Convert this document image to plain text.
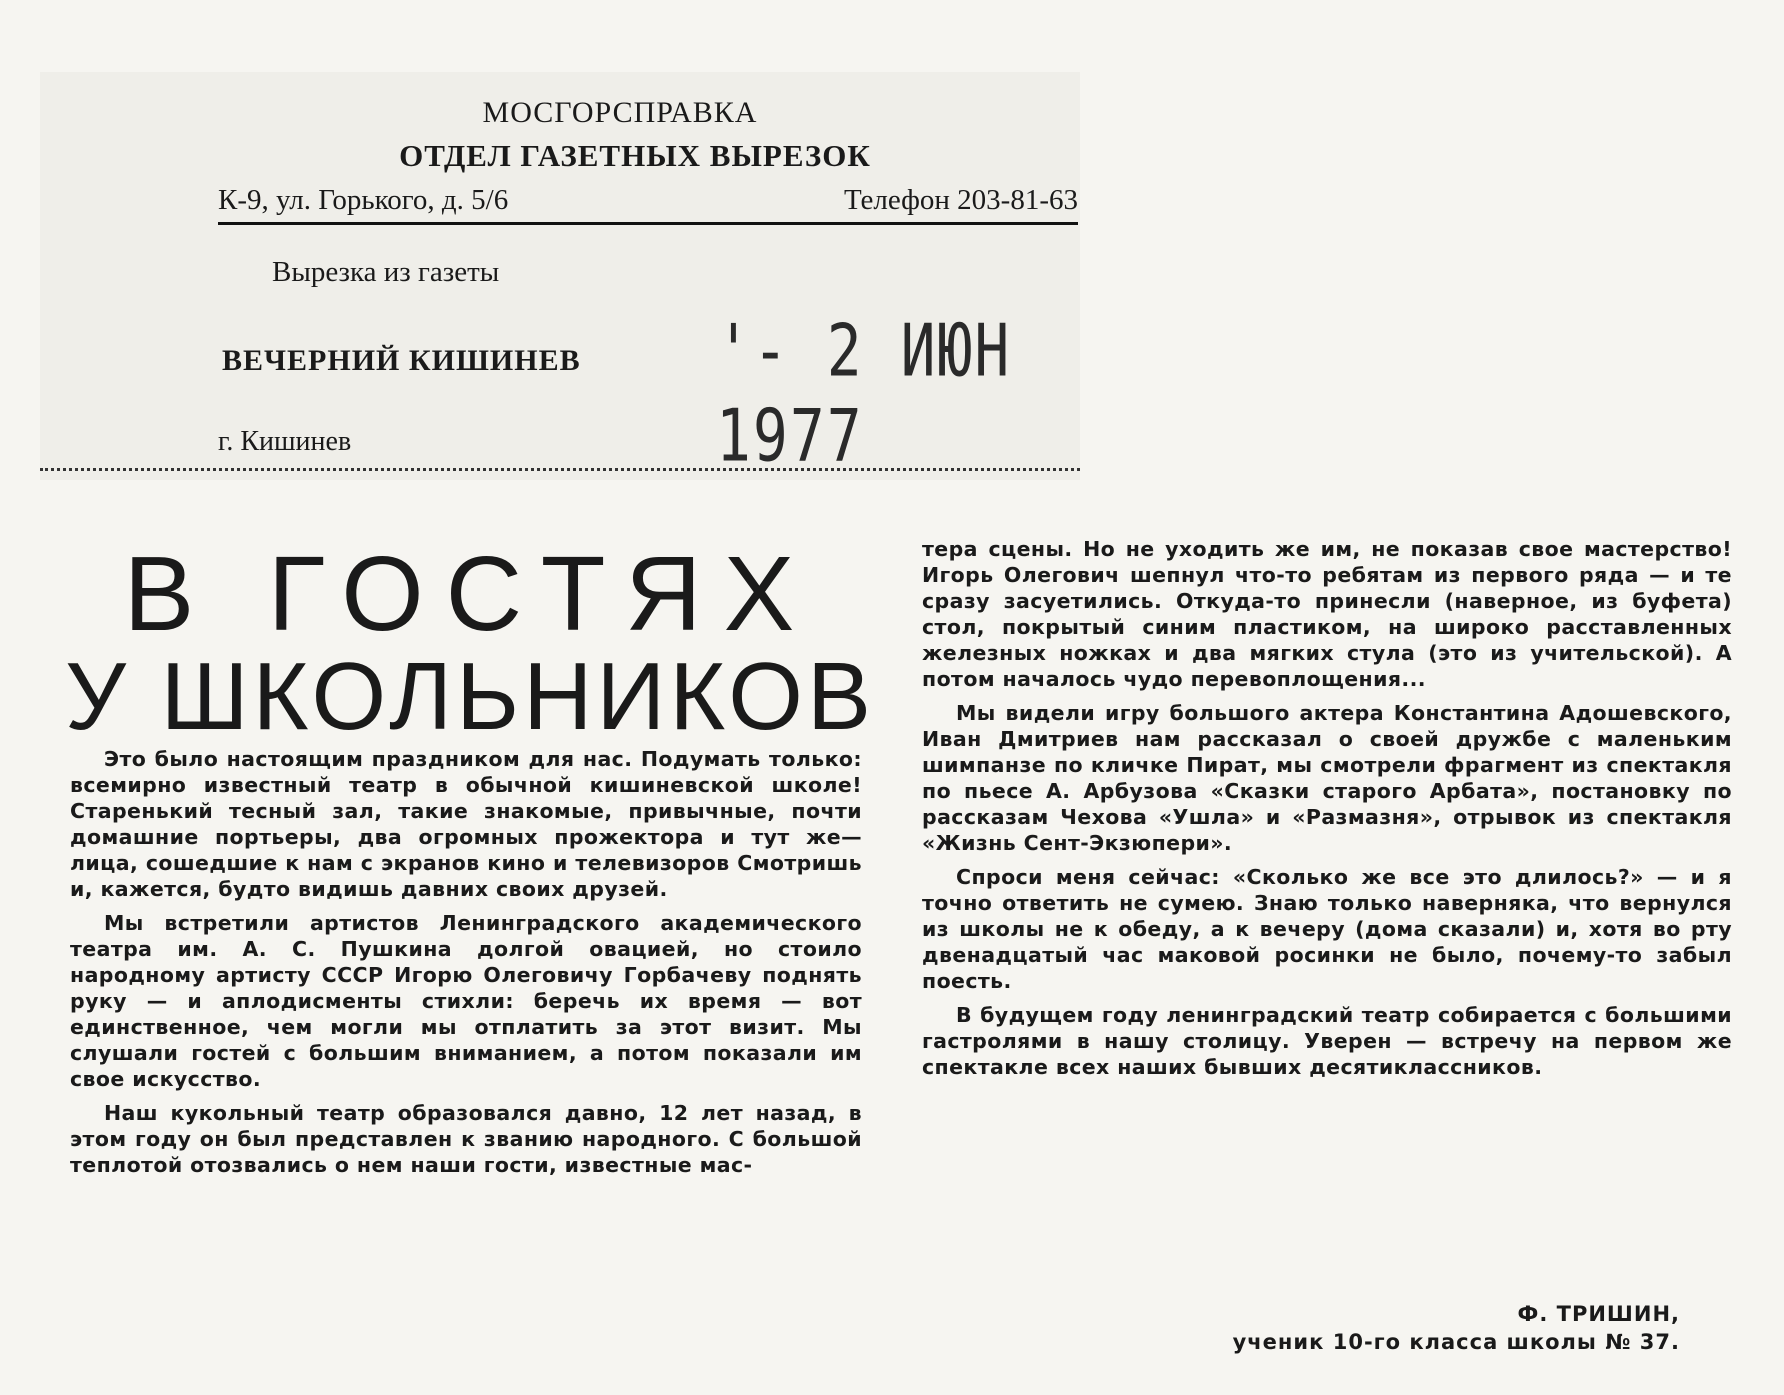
МОСГОРСПРАВКА
ОТДЕЛ ГАЗЕТНЫХ ВЫРЕЗОК
К-9, ул. Горького, д. 5/6	Телефон 203-81-63
Вырезка из газеты
ВЕЧЕРНИЙ КИШИНЕВ '- 2 ИЮН 1977
г. Кишинев
В ГОСТЯХ
У ШКОЛЬНИКОВ

Это было настоящим праздником для нас. Подумать только: всемирно известный театр в обычной кишиневской школе! Старенький тесный зал, такие знакомые, привычные, почти домашние портьеры, два огромных прожектора и тут же—лица, сошедшие к нам с экранов кино и телевизоров Смотришь и, кажется, будто видишь давних своих друзей.

Мы встретили артистов Ленинградского академического театра им. А. С. Пушкина долгой овацией, но стоило народному артисту СССР Игорю Олеговичу Горбачеву поднять руку — и аплодисменты стихли: беречь их время — вот единственное, чем могли мы отплатить за этот визит. Мы слушали гостей с большим вниманием, а потом показали им свое искусство.

Наш кукольный театр образовался давно, 12 лет назад, в этом году он был представлен к званию народного. С большой теплотой отозвались о нем наши гости, известные мас-

тера сцены. Но не уходить же им, не показав свое мастерство! Игорь Олегович шепнул что-то ребятам из первого ряда — и те сразу засуетились. Откуда-то принесли (наверное, из буфета) стол, покрытый синим пластиком, на широко расставленных железных ножках и два мягких стула (это из учительской). А потом началось чудо перевоплощения...

Мы видели игру большого актера Константина Адошевского, Иван Дмитриев нам рассказал о своей дружбе с маленьким шимпанзе по кличке Пират, мы смотрели фрагмент из спектакля по пьесе А. Арбузова «Сказки старого Арбата», постановку по рассказам Чехова «Ушла» и «Размазня», отрывок из спектакля «Жизнь Сент-Экзюпери».

Спроси меня сейчас: «Сколько же все это длилось?» — и я точно ответить не сумею. Знаю только наверняка, что вернулся из школы не к обеду, а к вечеру (дома сказали) и, хотя во рту двенадцатый час маковой росинки не было, почему-то забыл поесть.

В будущем году ленинградский театр собирается с большими гастролями в нашу столицу. Уверен — встречу на первом же спектакле всех наших бывших десятиклассников.

Ф. ТРИШИН,
ученик 10-го класса школы № 37.
